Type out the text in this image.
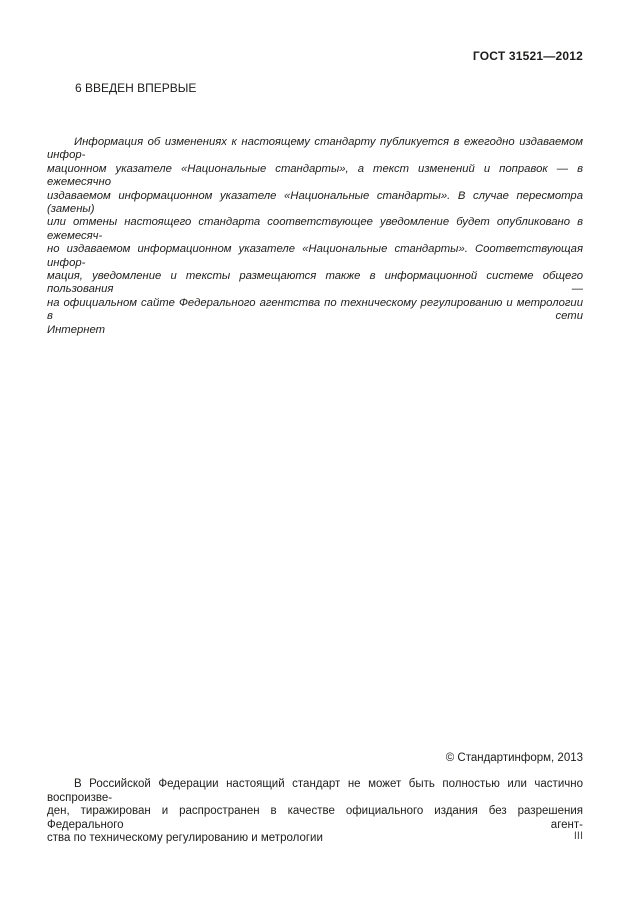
ГОСТ 31521—2012
6 ВВЕДЕН ВПЕРВЫЕ
Информация об изменениях к настоящему стандарту публикуется в ежегодно издаваемом инфор-
мационном указателе «Национальные стандарты», а текст изменений и поправок — в ежемесячно
издаваемом информационном указателе «Национальные стандарты». В случае пересмотра (замены)
или отмены настоящего стандарта соответствующее уведомление будет опубликовано в ежемесяч-
но издаваемом информационном указателе «Национальные стандарты». Соответствующая инфор-
мация, уведомление и тексты размещаются также в информационной системе общего пользования —
на официальном сайте Федерального агентства по техническому регулированию и метрологии в сети
Интернет
© Стандартинформ, 2013
В Российской Федерации настоящий стандарт не может быть полностью или частично воспроизве-
ден, тиражирован и распространен в качестве официального издания без разрешения Федерального агент-
ства по техническому регулированию и метрологии	III
